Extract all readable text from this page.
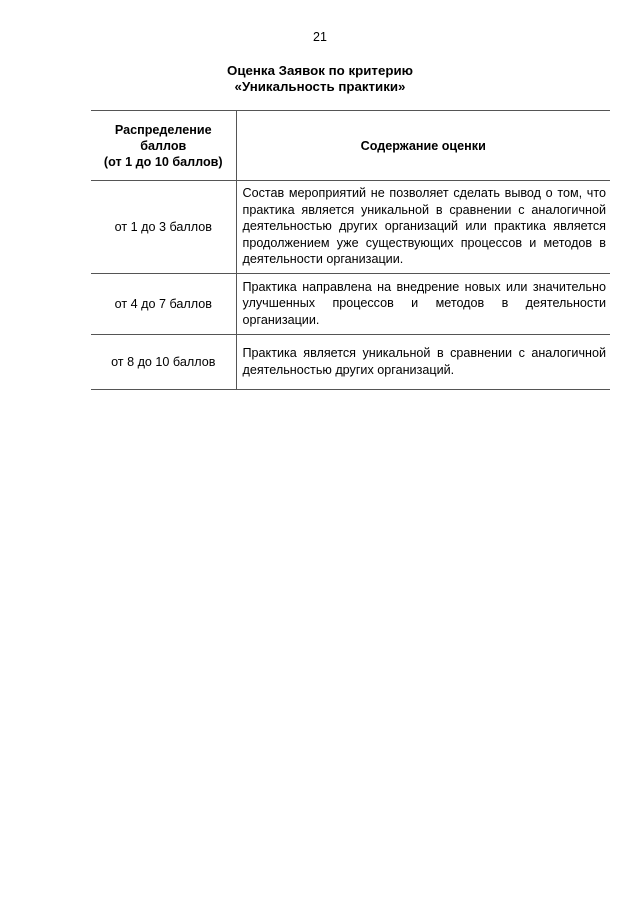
21
Оценка Заявок по критерию
«Уникальность практики»
Распределение
баллов
(от 1 до 10 баллов)	Содержание оценки
от 1 до 3 баллов	Состав мероприятий не позволяет сделать вывод о том, что практика является уникальной в сравнении с аналогичной деятельностью других организаций или практика является продолжением уже существующих процессов и методов в деятельности организации.
от 4 до 7 баллов	Практика направлена на внедрение новых или значительно улучшенных процессов и методов в деятельности организации.
от 8 до 10 баллов	Практика является уникальной в сравнении с аналогичной деятельностью других организаций.
